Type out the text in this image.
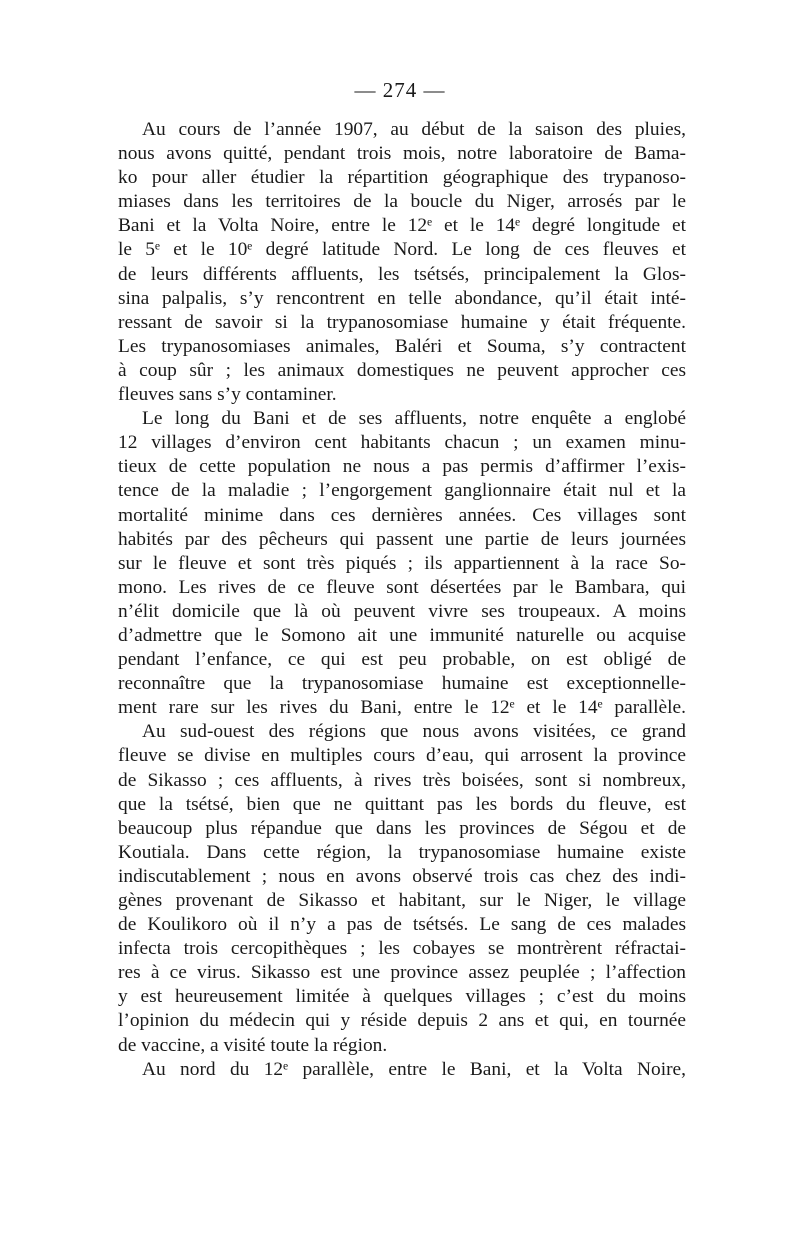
— 274 —
Au cours de l’année 1907, au début de la saison des pluies,
nous avons quitté, pendant trois mois, notre laboratoire de Bama-
ko pour aller étudier la répartition géographique des trypanoso-
miases dans les territoires de la boucle du Niger, arrosés par le
Bani et la Volta Noire, entre le 12ᵉ et le 14ᵉ degré longitude et
le 5ᵉ et le 10ᵉ degré latitude Nord. Le long de ces fleuves et
de leurs différents affluents, les tsétsés, principalement la Glos-
sina palpalis, s’y rencontrent en telle abondance, qu’il était inté-
ressant de savoir si la trypanosomiase humaine y était fréquente.
Les trypanosomiases animales, Baléri et Souma, s’y contractent
à coup sûr ; les animaux domestiques ne peuvent approcher ces
fleuves sans s’y contaminer.
Le long du Bani et de ses affluents, notre enquête a englobé
12 villages d’environ cent habitants chacun ; un examen minu-
tieux de cette population ne nous a pas permis d’affirmer l’exis-
tence de la maladie ; l’engorgement ganglionnaire était nul et la
mortalité minime dans ces dernières années. Ces villages sont
habités par des pêcheurs qui passent une partie de leurs journées
sur le fleuve et sont très piqués ; ils appartiennent à la race So-
mono. Les rives de ce fleuve sont désertées par le Bambara, qui
n’élit domicile que là où peuvent vivre ses troupeaux. A moins
d’admettre que le Somono ait une immunité naturelle ou acquise
pendant l’enfance, ce qui est peu probable, on est obligé de
reconnaître que la trypanosomiase humaine est exceptionnelle-
ment rare sur les rives du Bani, entre le 12ᵉ et le 14ᵉ parallèle.
Au sud-ouest des régions que nous avons visitées, ce grand
fleuve se divise en multiples cours d’eau, qui arrosent la province
de Sikasso ; ces affluents, à rives très boisées, sont si nombreux,
que la tsétsé, bien que ne quittant pas les bords du fleuve, est
beaucoup plus répandue que dans les provinces de Ségou et de
Koutiala. Dans cette région, la trypanosomiase humaine existe
indiscutablement ; nous en avons observé trois cas chez des indi-
gènes provenant de Sikasso et habitant, sur le Niger, le village
de Koulikoro où il n’y a pas de tsétsés. Le sang de ces malades
infecta trois cercopithèques ; les cobayes se montrèrent réfractai-
res à ce virus. Sikasso est une province assez peuplée ; l’affection
y est heureusement limitée à quelques villages ; c’est du moins
l’opinion du médecin qui y réside depuis 2 ans et qui, en tournée
de vaccine, a visité toute la région.
Au nord du 12ᵉ parallèle, entre le Bani, et la Volta Noire,
